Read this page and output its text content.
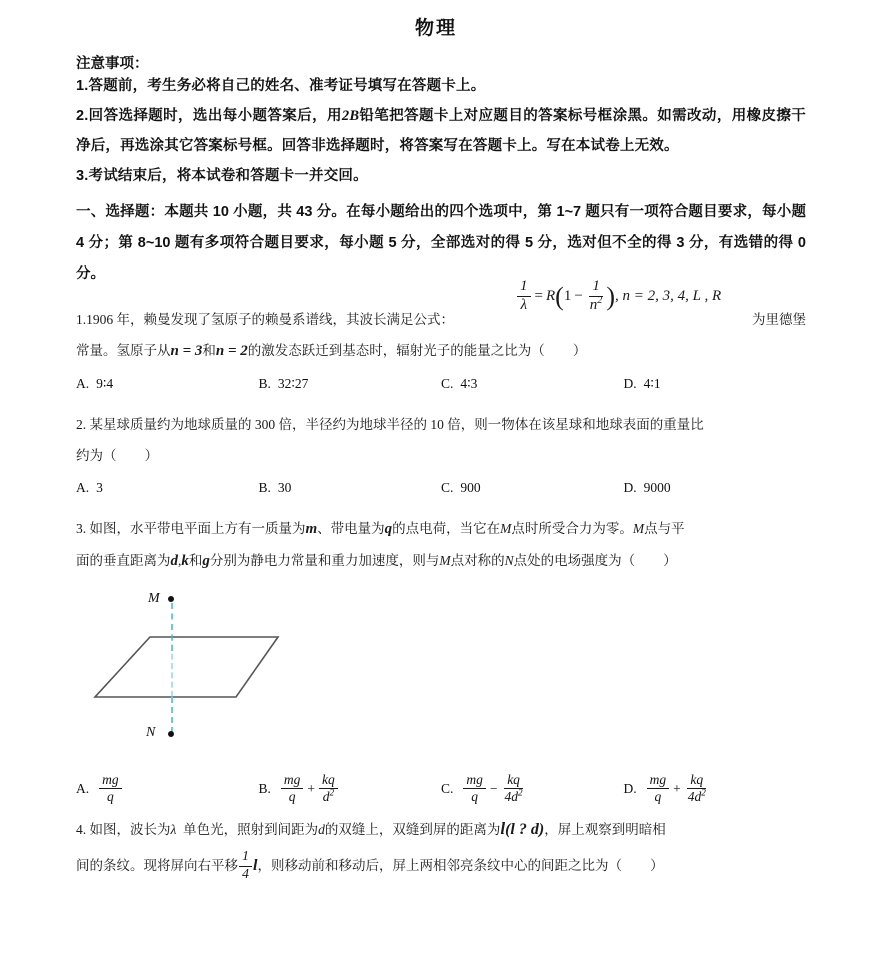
物理
注意事项：
1.答题前，考生务必将自己的姓名、准考证号填写在答题卡上。
2.回答选择题时，选出每小题答案后，用2B铅笔把答题卡上对应题目的答案标号框涂黑。如需改动，用橡皮擦干净后，再选涂其它答案标号框。回答非选择题时，将答案写在答题卡上。写在本试卷上无效。
3.考试结束后，将本试卷和答题卡一并交回。
一、选择题：本题共 10 小题，共 43 分。在每小题给出的四个选项中，第 1~7 题只有一项符合题目要求，每小题 4 分；第 8~10 题有多项符合题目要求，每小题 5 分，全部选对的得 5 分，选对但不全的得 3 分，有选错的得 0 分。
$\frac{1}{\lambda} = R$ ( $1 - \frac{1}{n^2}$ ) , n = 2, 3, 4, L , R
1.1906 年，赖曼发现了氢原子的赖曼系谱线，其波长满足公式：	为里德堡
常量。氢原子从n = 3和n = 2的激发态跃迁到基态时，辐射光子的能量之比为（ ）
A. 9∶4	B. 32∶27	C. 4∶3	D. 4∶1
2. 某星球质量约为地球质量的 300 倍，半径约为地球半径的 10 倍，则一物体在该星球和地球表面的重量比
约为（ ）
A. 3	B. 30	C. 900	D. 9000
3. 如图，水平带电平面上方有一质量为m、带电量为q的点电荷，当它在M点时所受合力为零。M点与平
面的垂直距离为d,k和g分别为静电力常量和重力加速度，则与M点对称的N点处的电场强度为（ ）
M
N
A. $\frac{mg}{q}$	B. $\frac{mg}{q} + \frac{kq}{d^2}$	C. $\frac{mg}{q} - \frac{kq}{4d^2}$	D. $\frac{mg}{q} + \frac{kq}{4d^2}$
4. 如图，波长为λ 单色光，照射到间距为d的双缝上，双缝到屏的距离为l(l ? d)，屏上观察到明暗相
间的条纹。现将屏向右平移 $\frac{1}{4}$ l，则移动前和移动后，屏上两相邻亮条纹中心的间距之比为（ ）
